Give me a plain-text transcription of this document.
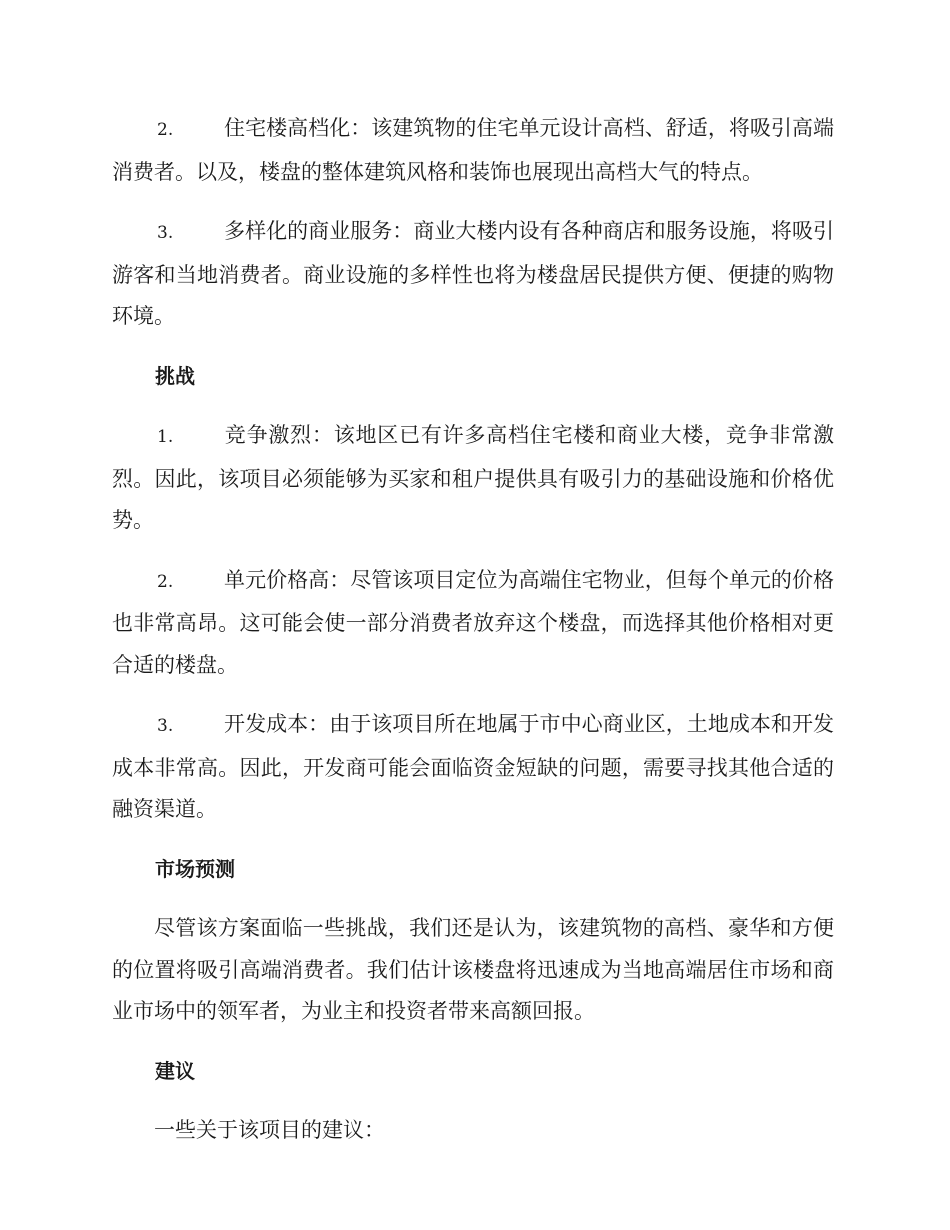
2. 住宅楼高档化：该建筑物的住宅单元设计高档、舒适，将吸引高端消费者。以及，楼盘的整体建筑风格和装饰也展现出高档大气的特点。

3. 多样化的商业服务：商业大楼内设有各种商店和服务设施，将吸引游客和当地消费者。商业设施的多样性也将为楼盘居民提供方便、便捷的购物环境。

挑战

1. 竞争激烈：该地区已有许多高档住宅楼和商业大楼，竞争非常激烈。因此，该项目必须能够为买家和租户提供具有吸引力的基础设施和价格优势。

2. 单元价格高：尽管该项目定位为高端住宅物业，但每个单元的价格也非常高昂。这可能会使一部分消费者放弃这个楼盘，而选择其他价格相对更合适的楼盘。

3. 开发成本：由于该项目所在地属于市中心商业区，土地成本和开发成本非常高。因此，开发商可能会面临资金短缺的问题，需要寻找其他合适的融资渠道。

市场预测

尽管该方案面临一些挑战，我们还是认为，该建筑物的高档、豪华和方便的位置将吸引高端消费者。我们估计该楼盘将迅速成为当地高端居住市场和商业市场中的领军者，为业主和投资者带来高额回报。

建议

一些关于该项目的建议：
